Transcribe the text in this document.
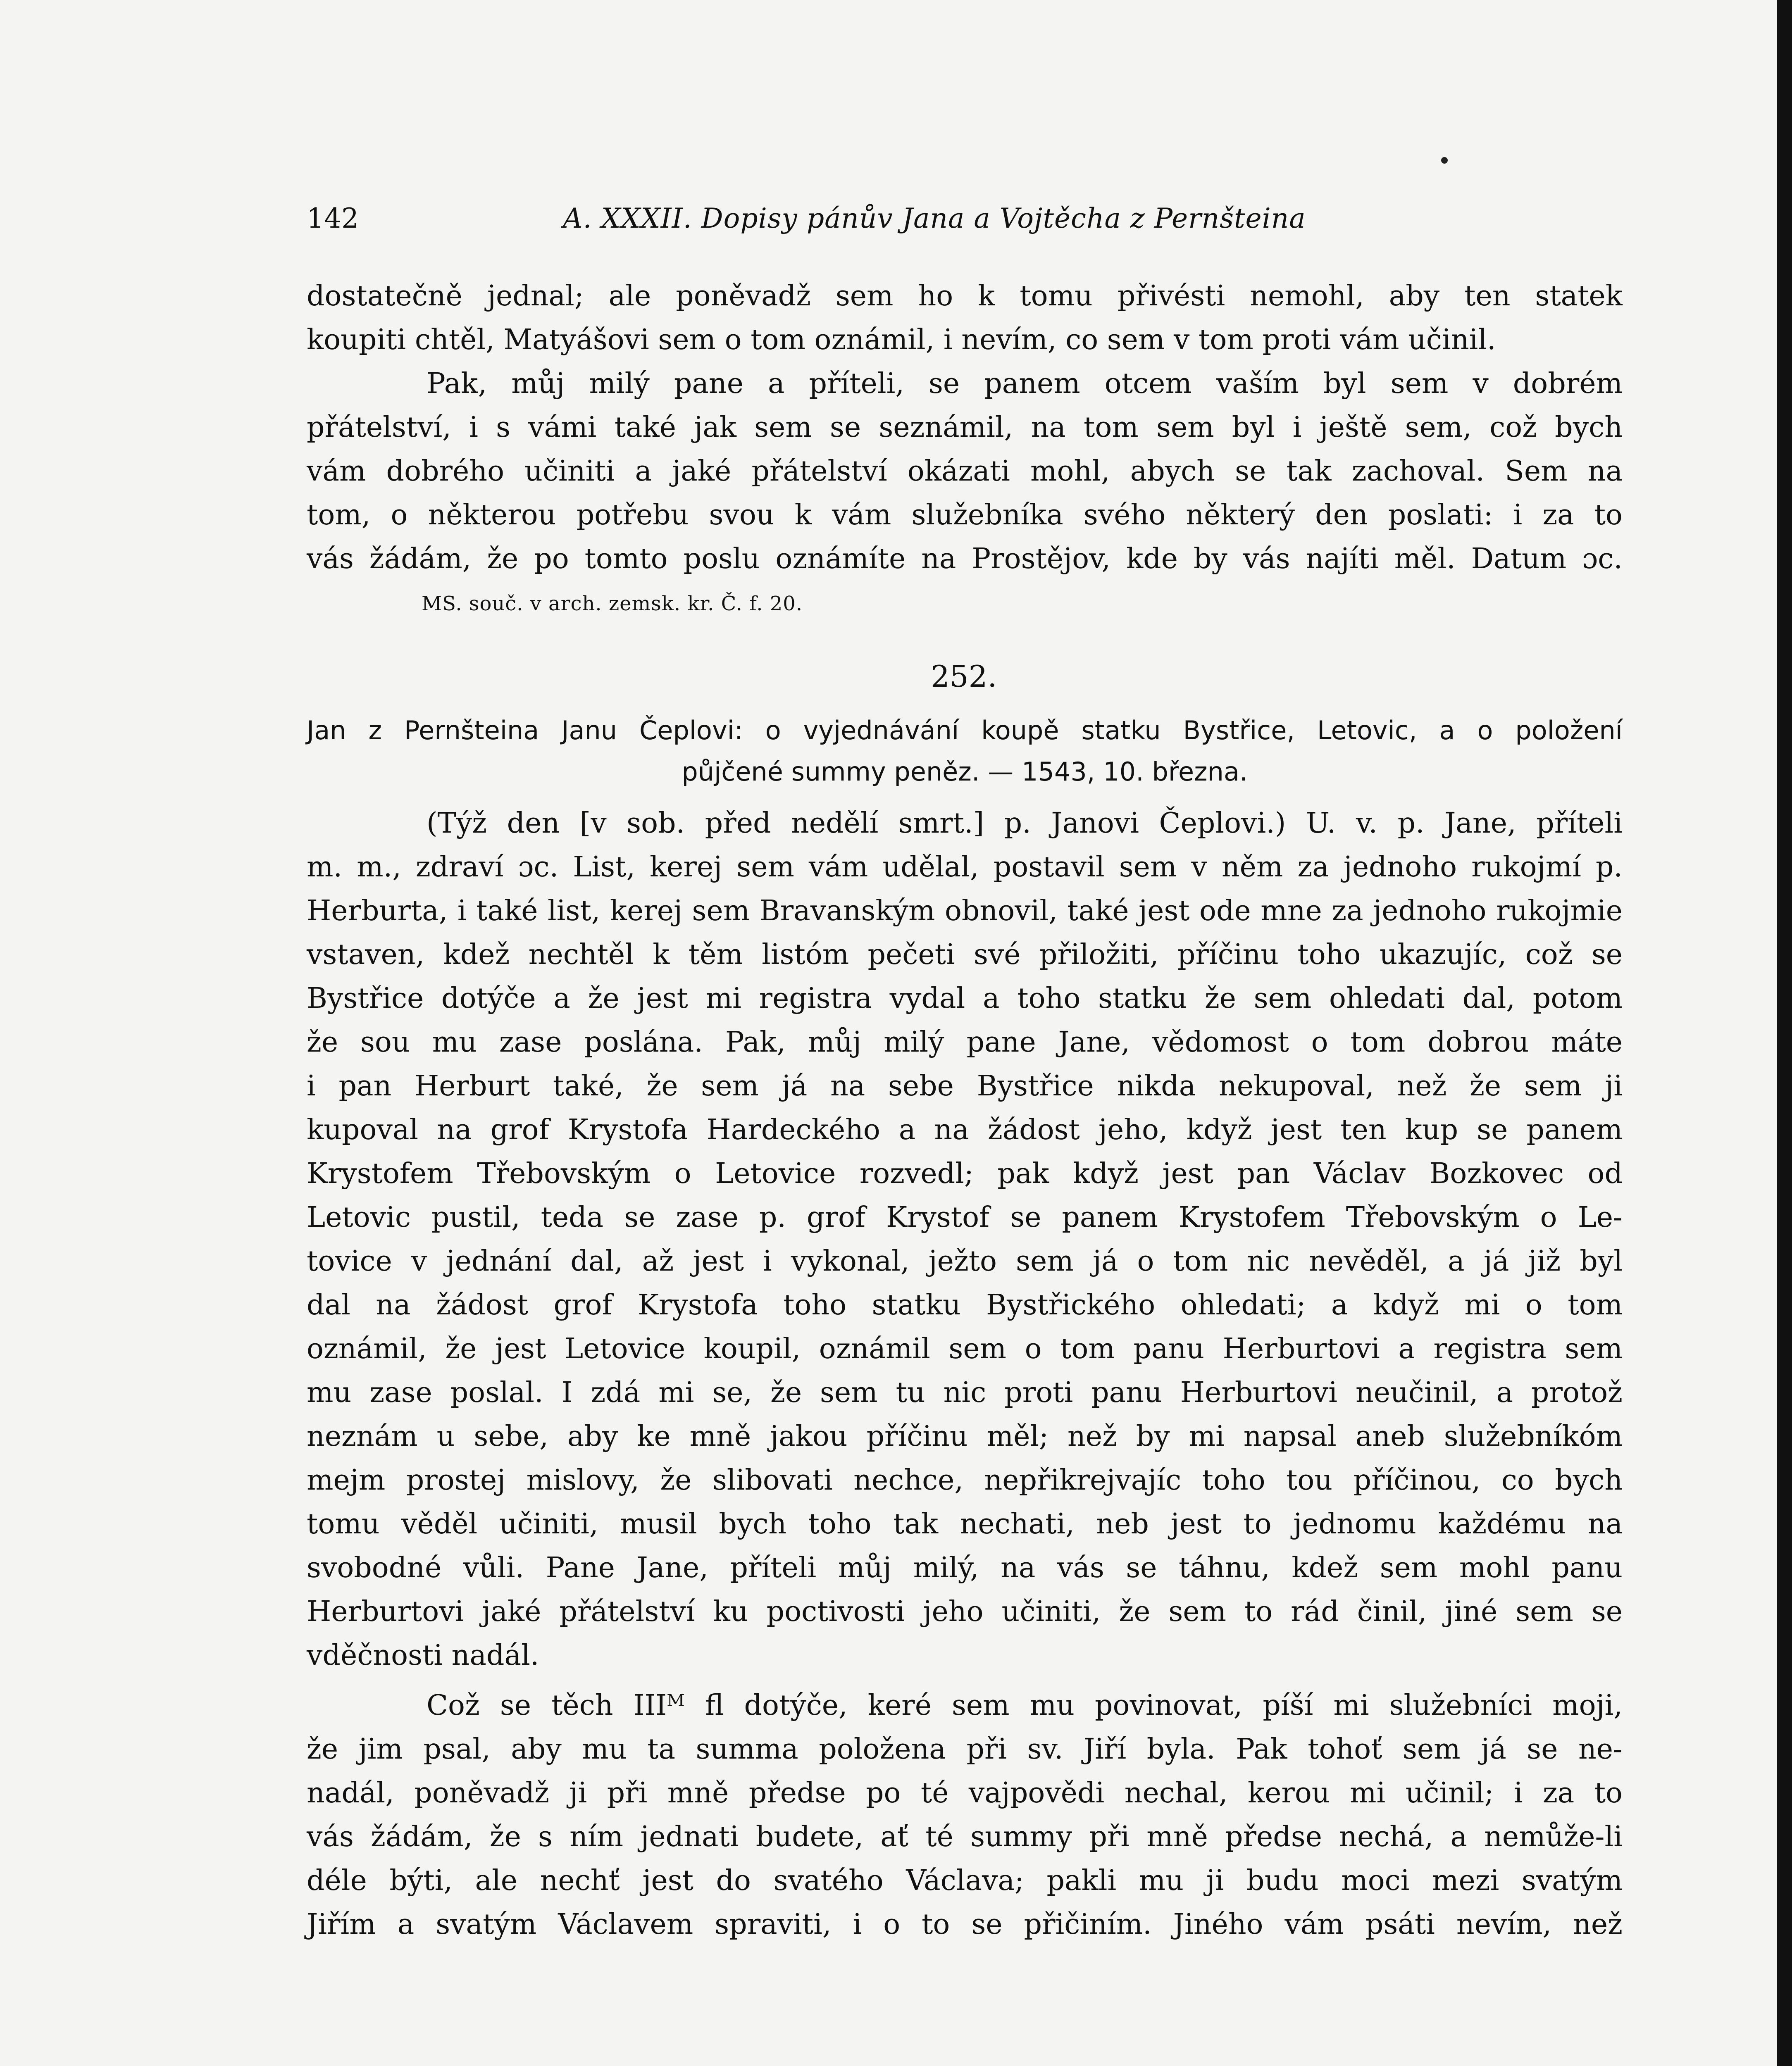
142	A. XXXII. Dopisy pánův Jana a Vojtěcha z Pernšteina
dostatečně jednal; ale poněvadž sem ho k tomu přivésti nemohl, aby ten statek
koupiti chtěl, Matyášovi sem o tom oznámil, i nevím, co sem v tom proti vám učinil.
Pak, můj milý pane a příteli, se panem otcem vaším byl sem v dobrém
přátelství, i s vámi také jak sem se seznámil, na tom sem byl i ještě sem, což bych
vám dobrého učiniti a jaké přátelství okázati mohl, abych se tak zachoval. Sem na
tom, o některou potřebu svou k vám služebníka svého některý den poslati: i za to
vás žádám, že po tomto poslu oznámíte na Prostějov, kde by vás najíti měl. Datum ɔc.
MS. souč. v arch. zemsk. kr. Č. f. 20.
252.
Jan z Pernšteina Janu Čeplovi: o vyjednávání koupě statku Bystřice, Letovic, a o položení
půjčené summy peněz. — 1543, 10. března.
(Týž den [v sob. před nedělí smrt.] p. Janovi Čeplovi.) U. v. p. Jane, příteli
m. m., zdraví ɔc. List, kerej sem vám udělal, postavil sem v něm za jednoho rukojmí p.
Herburta, i také list, kerej sem Bravanským obnovil, také jest ode mne za jednoho rukojmie
vstaven, kdež nechtěl k těm listóm pečeti své přiložiti, příčinu toho ukazujíc, což se
Bystřice dotýče a že jest mi registra vydal a toho statku že sem ohledati dal, potom
že sou mu zase poslána. Pak, můj milý pane Jane, vědomost o tom dobrou máte
i pan Herburt také, že sem já na sebe Bystřice nikda nekupoval, než že sem ji
kupoval na grof Krystofa Hardeckého a na žádost jeho, když jest ten kup se panem
Krystofem Třebovským o Letovice rozvedl; pak když jest pan Václav Bozkovec od
Letovic pustil, teda se zase p. grof Krystof se panem Krystofem Třebovským o Le-
tovice v jednání dal, až jest i vykonal, ježto sem já o tom nic nevěděl, a já již byl
dal na žádost grof Krystofa toho statku Bystřického ohledati; a když mi o tom
oznámil, že jest Letovice koupil, oznámil sem o tom panu Herburtovi a registra sem
mu zase poslal. I zdá mi se, že sem tu nic proti panu Herburtovi neučinil, a protož
neznám u sebe, aby ke mně jakou příčinu měl; než by mi napsal aneb služebníkóm
mejm prostej mislovy, že slibovati nechce, nepřikrejvajíc toho tou příčinou, co bych
tomu věděl učiniti, musil bych toho tak nechati, neb jest to jednomu každému na
svobodné vůli. Pane Jane, příteli můj milý, na vás se táhnu, kdež sem mohl panu
Herburtovi jaké přátelství ku poctivosti jeho učiniti, že sem to rád činil, jiné sem se
vděčnosti nadál.
Což se těch IIIᴹ fl dotýče, keré sem mu povinovat, píší mi služebníci moji,
že jim psal, aby mu ta summa položena při sv. Jiří byla. Pak tohoť sem já se ne-
nadál, poněvadž ji při mně předse po té vajpovědi nechal, kerou mi učinil; i za to
vás žádám, že s ním jednati budete, ať té summy při mně předse nechá, a nemůže-li
déle býti, ale nechť jest do svatého Václava; pakli mu ji budu moci mezi svatým
Jiřím a svatým Václavem spraviti, i o to se přičiním. Jiného vám psáti nevím, než
